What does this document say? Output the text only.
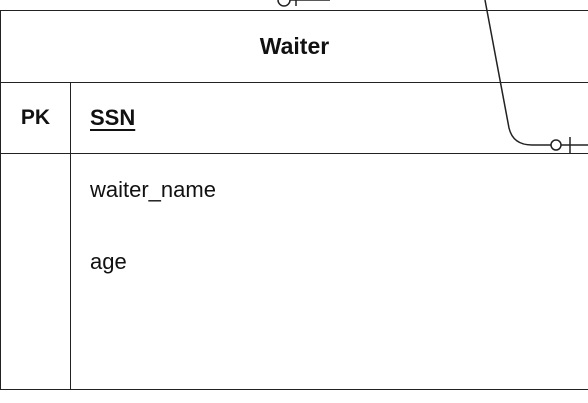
Waiter
PK	SSN
waiter_name
age
